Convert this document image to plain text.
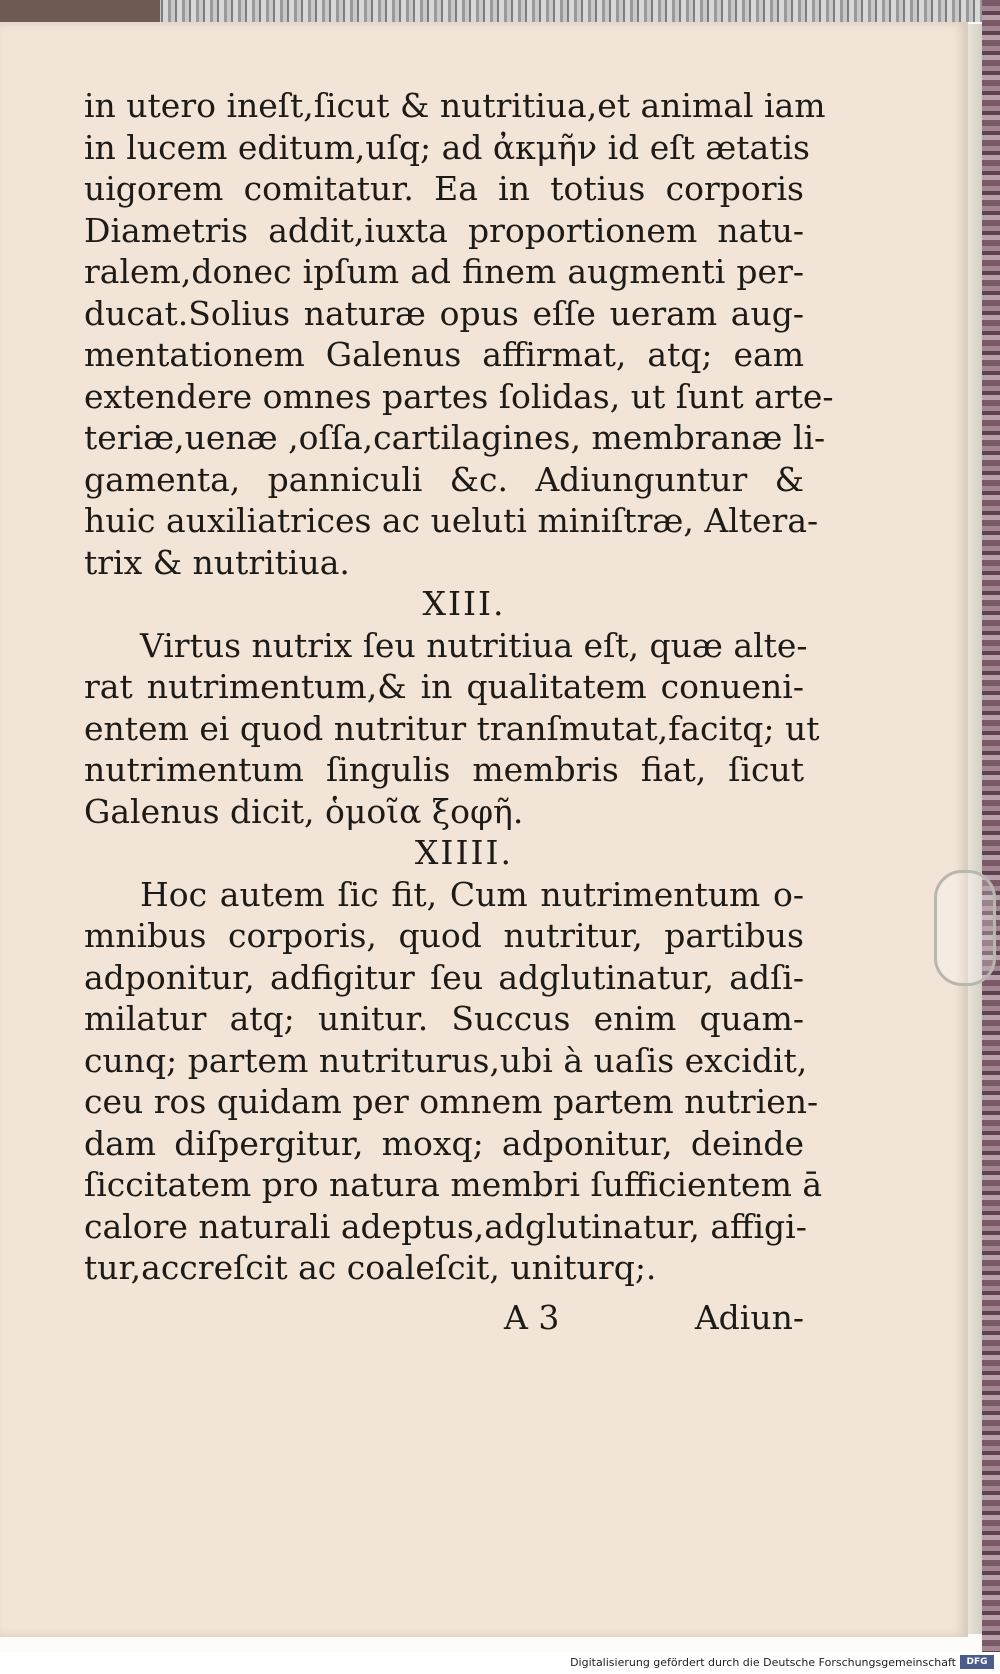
in utero ineſt,ſicut & nutritiua,et animal iam
in lucem editum,uſq; ad ἀκμῆν id eſt ætatis
uigorem comitatur. Ea in totius corporis
Diametris addit,iuxta proportionem natu-
ralem,donec ipſum ad finem augmenti per-
ducat.Solius naturæ opus eſſe ueram aug-
mentationem Galenus affirmat, atq; eam
extendere omnes partes ſolidas, ut ſunt arte-
teriæ,uenæ ,oſſa,cartilagines, membranæ li-
gamenta, panniculi &c. Adiunguntur &
huic auxiliatrices ac ueluti miniſtræ, Altera-
trix & nutritiua.
XIII.
Virtus nutrix ſeu nutritiua eſt, quæ alte-
rat nutrimentum,& in qualitatem conueni-
entem ei quod nutritur tranſmutat,facitq; ut
nutrimentum ſingulis membris fiat, ſicut
Galenus dicit, ὁμοῖα ξοφῆ.
XIIII.
Hoc autem ſic fit, Cum nutrimentum o-
mnibus corporis, quod nutritur, partibus
adponitur, adfigitur ſeu adglutinatur, adſi-
milatur atq; unitur. Succus enim quam-
cunq; partem nutriturus,ubi à uaſis excidit,
ceu ros quidam per omnem partem nutrien-
dam diſpergitur, moxq; adponitur, deinde
ſiccitatem pro natura membri ſufficientem ā
calore naturali adeptus,adglutinatur, affigi-
tur,accreſcit ac coaleſcit, uniturq;.
A 3	Adiun-
Digitalisierung gefördert durch die Deutsche Forschungsgemeinschaft	DFG
